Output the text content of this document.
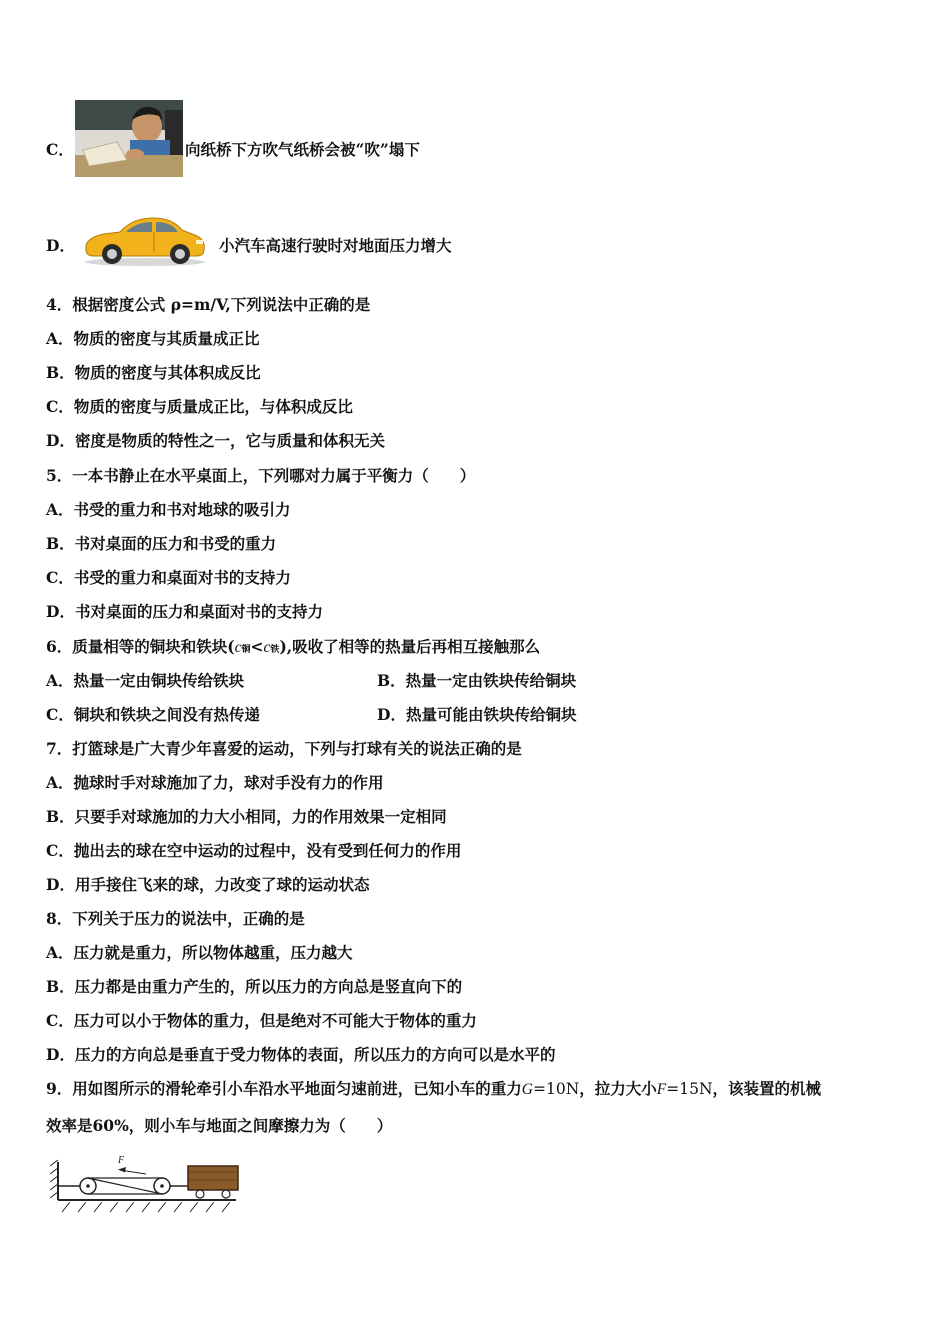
C．	向纸桥下方吹气纸桥会被“吹”塌下
D．	小汽车高速行驶时对地面压力增大
4．根据密度公式 ρ=m/V,下列说法中正确的是
A．物质的密度与其质量成正比
B．物质的密度与其体积成反比
C．物质的密度与质量成正比，与体积成反比
D．密度是物质的特性之一，它与质量和体积无关
5．一本书静止在水平桌面上，下列哪对力属于平衡力（　　）
A．书受的重力和书对地球的吸引力
B．书对桌面的压力和书受的重力
C．书受的重力和桌面对书的支持力
D．书对桌面的压力和桌面对书的支持力
6．质量相等的铜块和铁块(c铜<c铁),吸收了相等的热量后再相互接触那么
A．热量一定由铜块传给铁块	B．热量一定由铁块传给铜块
C．铜块和铁块之间没有热传递	D．热量可能由铁块传给铜块
7．打篮球是广大青少年喜爱的运动，下列与打球有关的说法正确的是
A．抛球时手对球施加了力，球对手没有力的作用
B．只要手对球施加的力大小相同，力的作用效果一定相同
C．抛出去的球在空中运动的过程中，没有受到任何力的作用
D．用手接住飞来的球，力改变了球的运动状态
8．下列关于压力的说法中，正确的是
A．压力就是重力，所以物体越重，压力越大
B．压力都是由重力产生的，所以压力的方向总是竖直向下的
C．压力可以小于物体的重力，但是绝对不可能大于物体的重力
D．压力的方向总是垂直于受力物体的表面，所以压力的方向可以是水平的
9．用如图所示的滑轮牵引小车沿水平地面匀速前进，已知小车的重力G=10N，拉力大小F=15N，该装置的机械
效率是60%，则小车与地面之间摩擦力为（　　）
F
